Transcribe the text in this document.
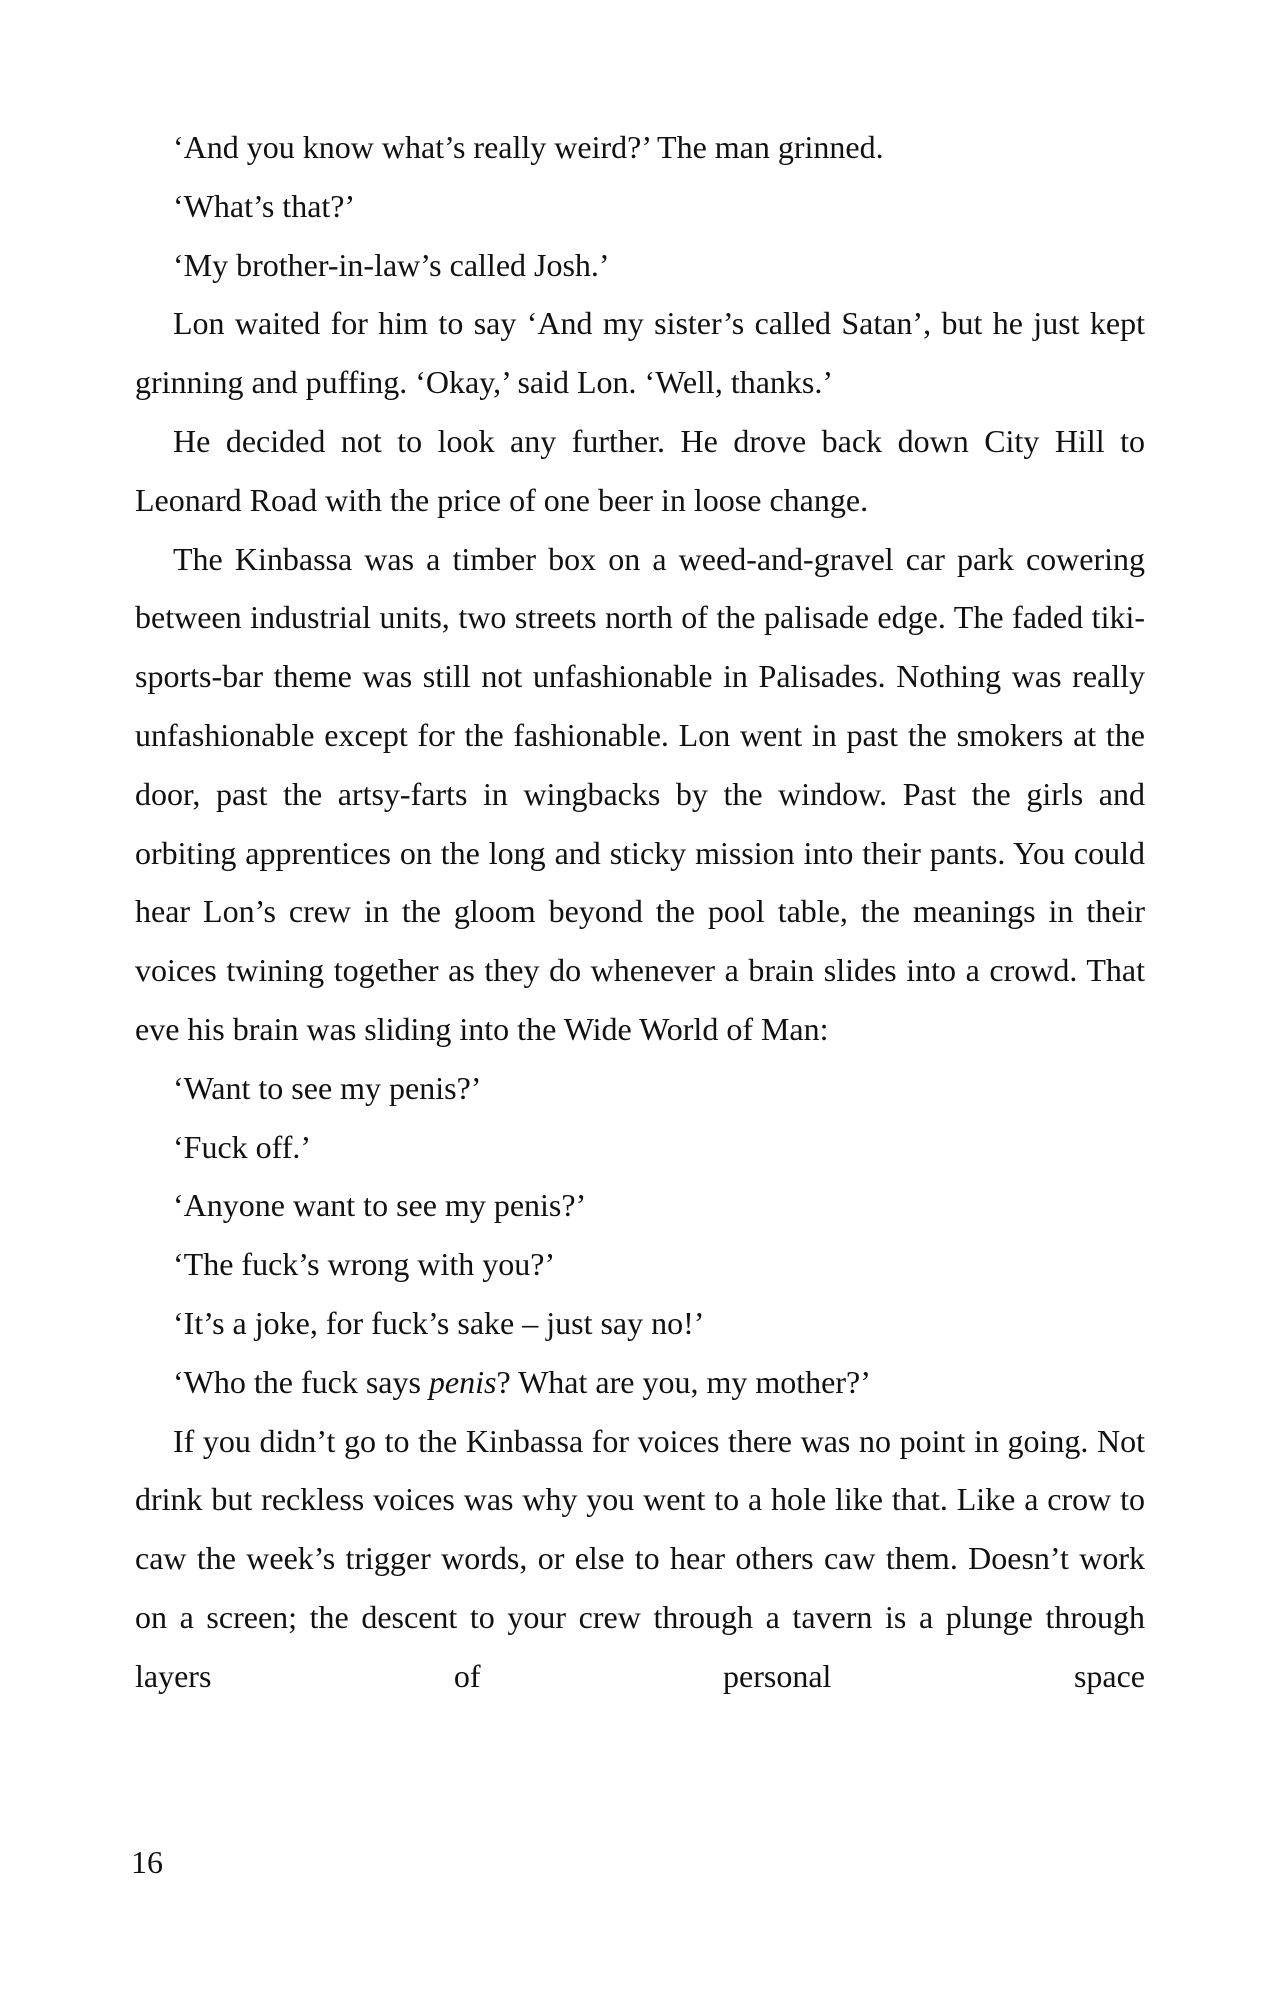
‘And you know what’s really weird?’ The man grinned.

‘What’s that?’

‘My brother-in-law’s called Josh.’

Lon waited for him to say ‘And my sister’s called Satan’, but he just kept grinning and puffing. ‘Okay,’ said Lon. ‘Well, thanks.’

He decided not to look any further. He drove back down City Hill to Leonard Road with the price of one beer in loose change.

The Kinbassa was a timber box on a weed-and-gravel car park cowering between industrial units, two streets north of the palisade edge. The faded tiki-sports-bar theme was still not unfashionable in Palisades. Nothing was really unfashionable except for the fashionable. Lon went in past the smokers at the door, past the artsy-farts in wingbacks by the window. Past the girls and orbiting apprentices on the long and sticky mission into their pants. You could hear Lon’s crew in the gloom beyond the pool table, the meanings in their voices twining together as they do whenever a brain slides into a crowd. That eve his brain was sliding into the Wide World of Man:

‘Want to see my penis?’

‘Fuck off.’

‘Anyone want to see my penis?’

‘The fuck’s wrong with you?’

‘It’s a joke, for fuck’s sake – just say no!’

‘Who the fuck says penis? What are you, my mother?’

If you didn’t go to the Kinbassa for voices there was no point in going. Not drink but reckless voices was why you went to a hole like that. Like a crow to caw the week’s trigger words, or else to hear others caw them. Doesn’t work on a screen; the descent to your crew through a tavern is a plunge through layers of personal space

16
